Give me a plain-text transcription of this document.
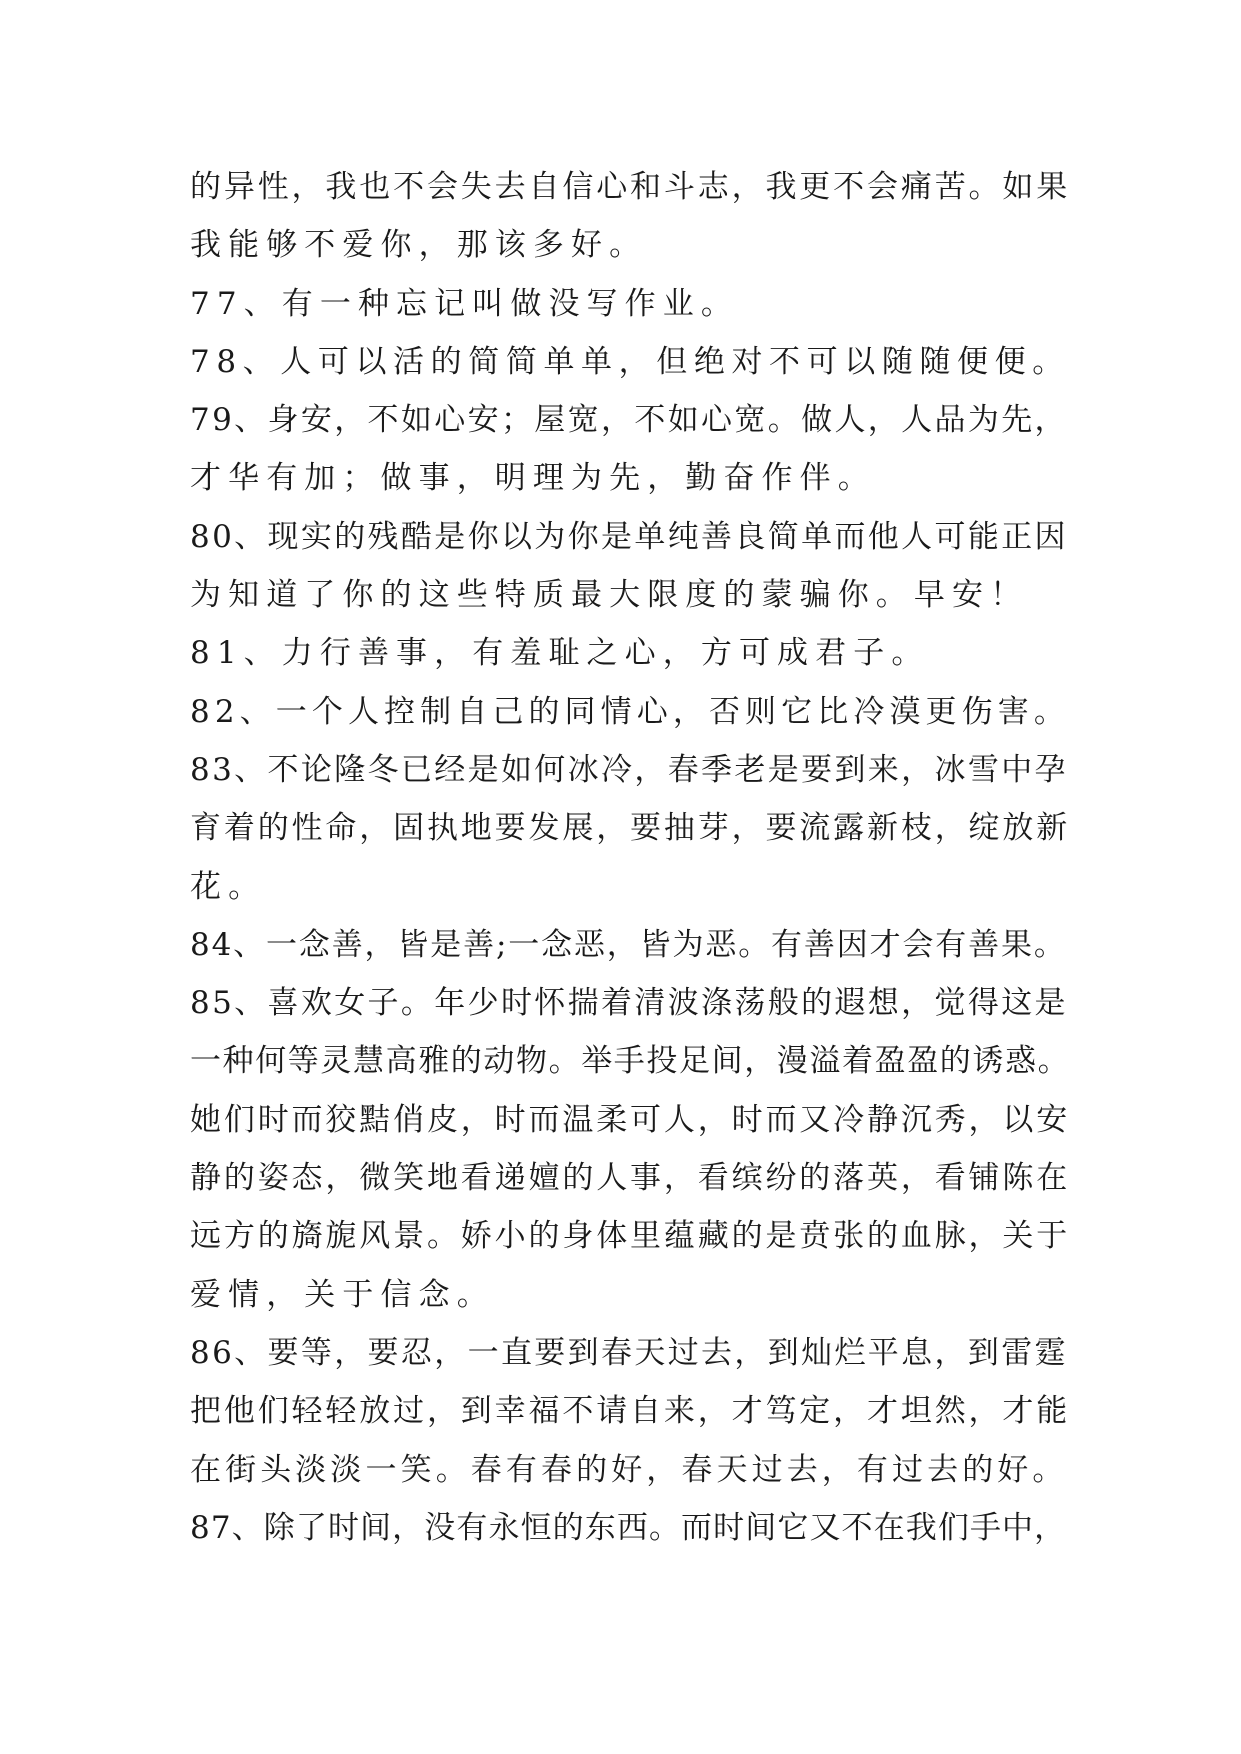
的异性，我也不会失去自信心和斗志，我更不会痛苦。如果
我能够不爱你，那该多好。
77、有一种忘记叫做没写作业。
78、人可以活的简简单单，但绝对不可以随随便便。
79、身安，不如心安；屋宽，不如心宽。做人，人品为先，
才华有加；做事，明理为先，勤奋作伴。
80、现实的残酷是你以为你是单纯善良简单而他人可能正因
为知道了你的这些特质最大限度的蒙骗你。早安！
81、力行善事，有羞耻之心，方可成君子。
82、一个人控制自己的同情心，否则它比冷漠更伤害。
83、不论隆冬已经是如何冰冷，春季老是要到来，冰雪中孕
育着的性命，固执地要发展，要抽芽，要流露新枝，绽放新
花。
84、一念善，皆是善;一念恶，皆为恶。有善因才会有善果。
85、喜欢女子。年少时怀揣着清波涤荡般的遐想，觉得这是
一种何等灵慧高雅的动物。举手投足间，漫溢着盈盈的诱惑。
她们时而狡黠俏皮，时而温柔可人，时而又冷静沉秀，以安
静的姿态，微笑地看递嬗的人事，看缤纷的落英，看铺陈在
远方的旖旎风景。娇小的身体里蕴藏的是贲张的血脉，关于
爱情，关于信念。
86、要等，要忍，一直要到春天过去，到灿烂平息，到雷霆
把他们轻轻放过，到幸福不请自来，才笃定，才坦然，才能
在街头淡淡一笑。春有春的好，春天过去，有过去的好。
87、除了时间，没有永恒的东西。而时间它又不在我们手中，
